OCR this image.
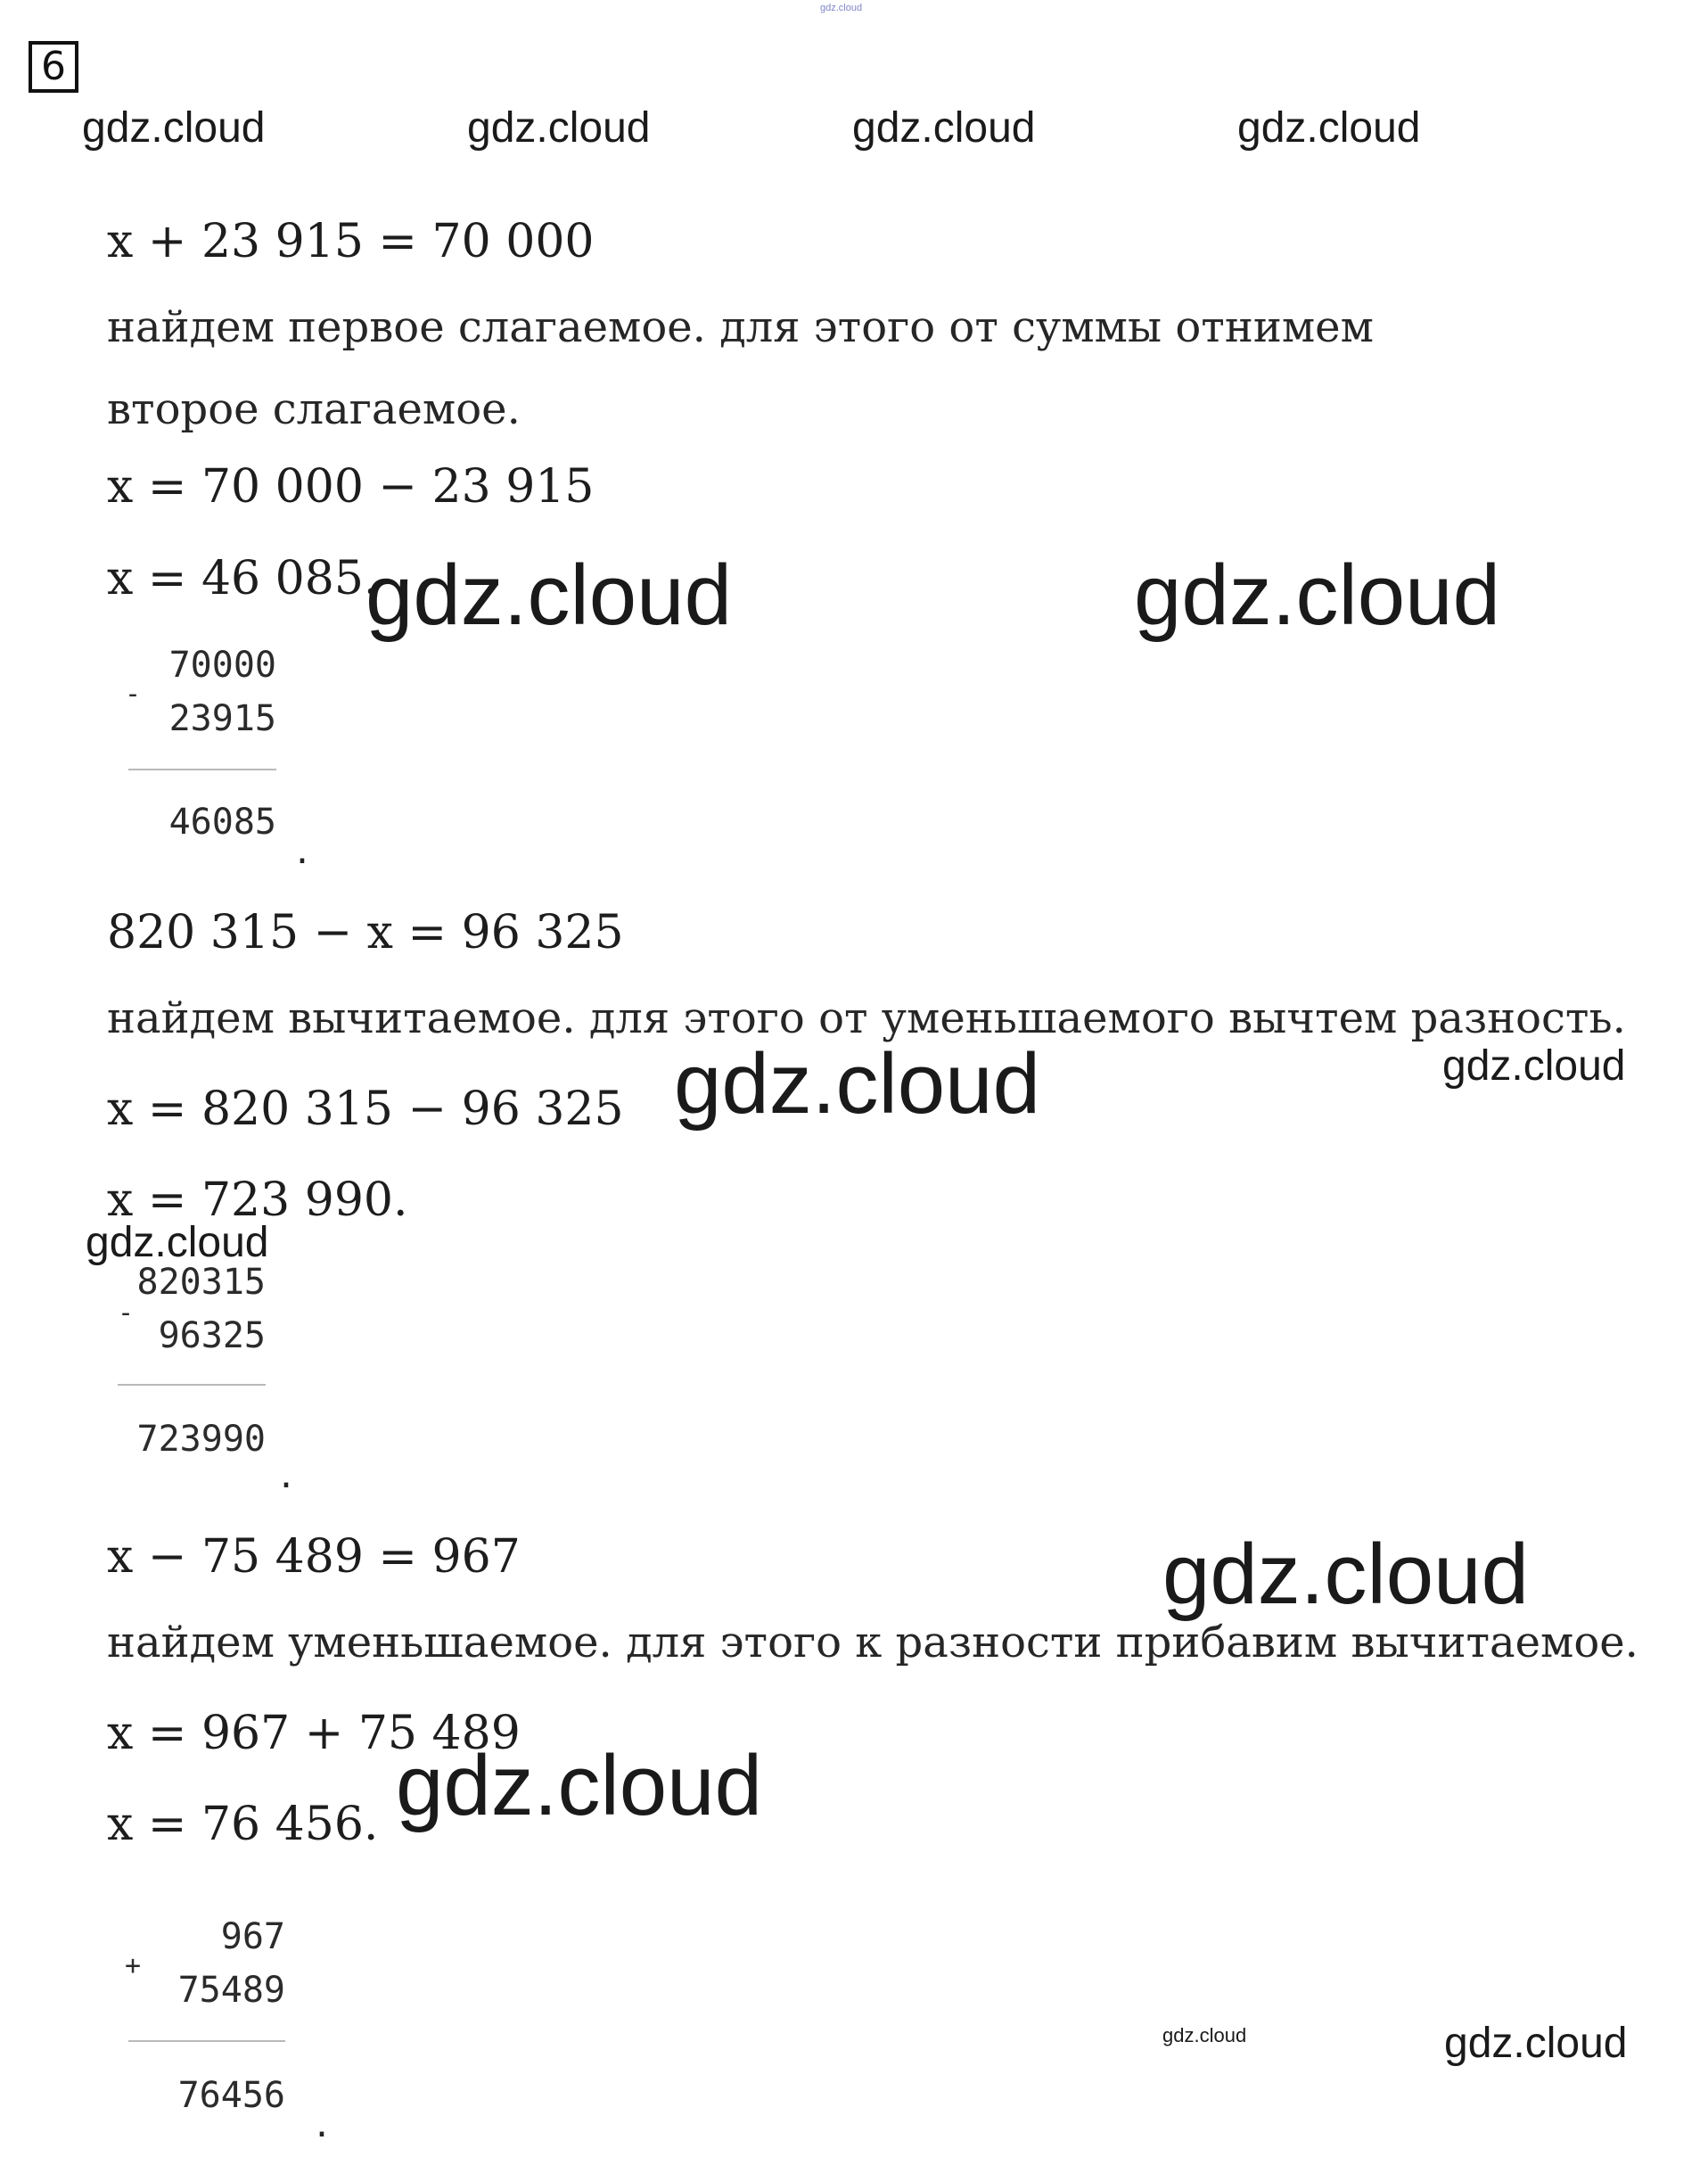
gdz.cloud
6
gdz.cloud	gdz.cloud	gdz.cloud	gdz.cloud
x + 23 915 = 70 000
найдем первое слагаемое. для этого от суммы отнимем
второе слагаемое.
x = 70 000 − 23 915
x = 46 085.
gdz.cloud	gdz.cloud
-
70000
23915
46085
.
820 315 − x = 96 325
найдем вычитаемое. для этого от уменьшаемого вычтем разность.
x = 820 315 − 96 325
x = 723 990.
gdz.cloud	gdz.cloud
gdz.cloud
-
820315
96325
723990
.
x − 75 489 = 967
найдем уменьшаемое. для этого к разности прибавим вычитаемое.
x = 967 + 75 489
x = 76 456.
gdz.cloud
gdz.cloud
+
967
75489
76456
.
gdz.cloud	gdz.cloud
